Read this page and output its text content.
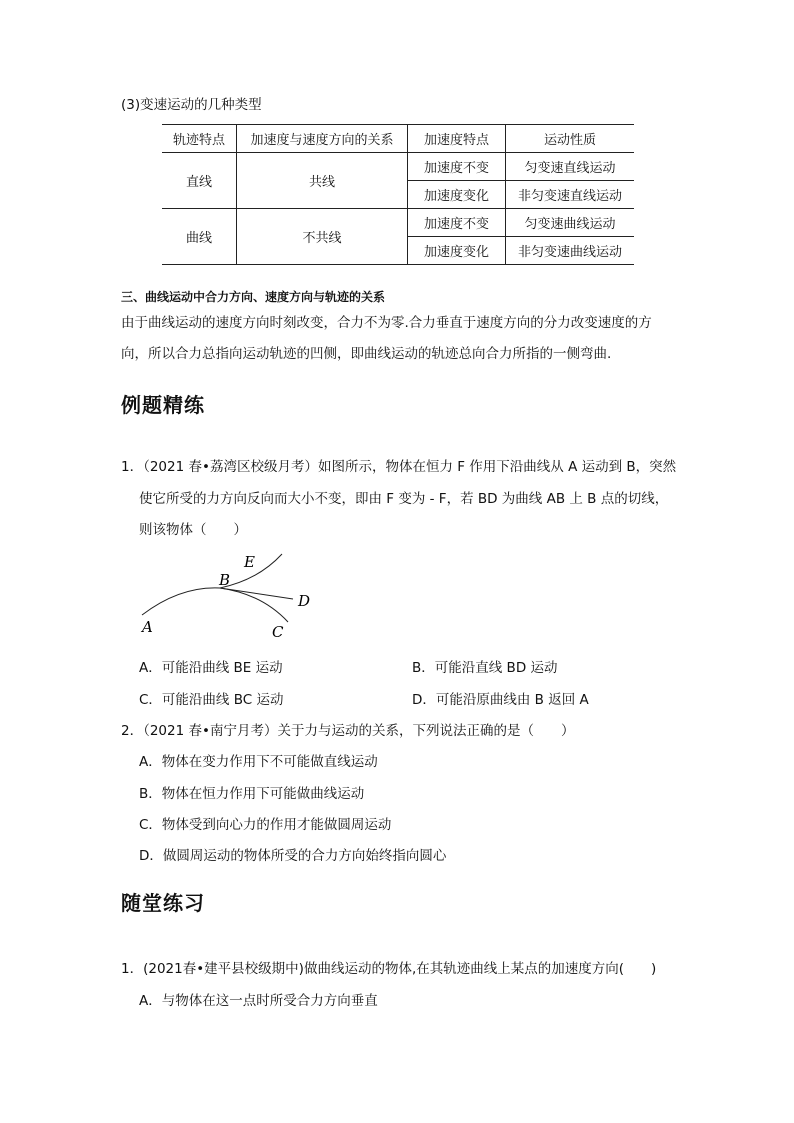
(3)变速运动的几种类型
轨迹特点	加速度与速度方向的关系	加速度特点	运动性质
直线	共线	加速度不变	匀变速直线运动
		加速度变化	非匀变速直线运动
曲线	不共线	加速度不变	匀变速曲线运动
		加速度变化	非匀变速曲线运动
三、曲线运动中合力方向、速度方向与轨迹的关系
由于曲线运动的速度方向时刻改变，合力不为零.合力垂直于速度方向的分力改变速度的方
向，所以合力总指向运动轨迹的凹侧，即曲线运动的轨迹总向合力所指的一侧弯曲.
例题精练
1．（2021 春•荔湾区校级月考）如图所示，物体在恒力 F 作用下沿曲线从 A 运动到 B，突然
使它所受的力方向反向而大小不变，即由 F 变为 - F，若 BD 为曲线 AB 上 B 点的切线，
则该物体（　　）
A
B
C
D
E
A．可能沿曲线 BE 运动	B．可能沿直线 BD 运动
C．可能沿曲线 BC 运动	D．可能沿原曲线由 B 返回 A
2．（2021 春•南宁月考）关于力与运动的关系，下列说法正确的是（　　）
A．物体在变力作用下不可能做直线运动
B．物体在恒力作用下可能做曲线运动
C．物体受到向心力的作用才能做圆周运动
D．做圆周运动的物体所受的合力方向始终指向圆心
随堂练习
1．(2021春•建平县校级期中)做曲线运动的物体,在其轨迹曲线上某点的加速度方向(　　)
A．与物体在这一点时所受合力方向垂直
